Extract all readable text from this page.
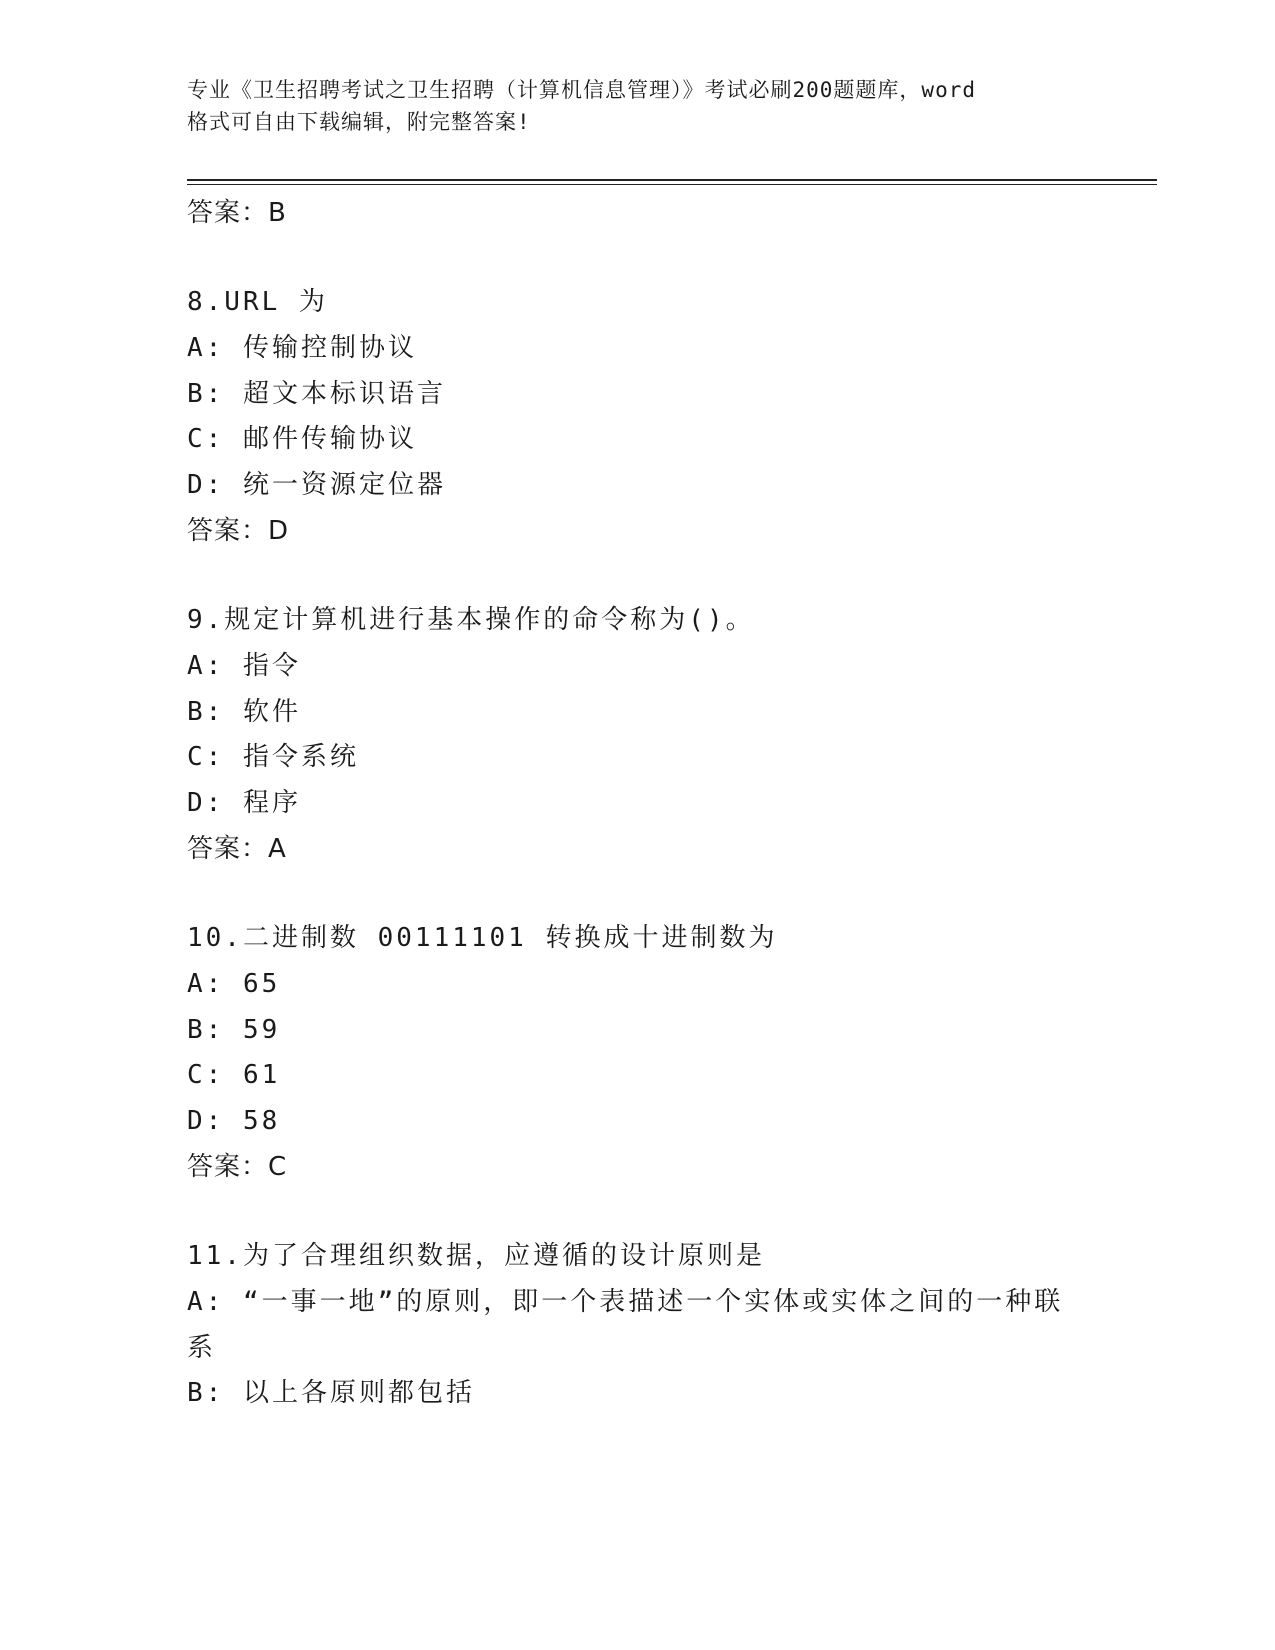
专业《卫生招聘考试之卫生招聘（计算机信息管理）》考试必刷200题题库，word
格式可自由下载编辑，附完整答案!
答案：B
8.URL 为
A: 传输控制协议
B: 超文本标识语言
C: 邮件传输协议
D: 统一资源定位器
答案：D
9.规定计算机进行基本操作的命令称为()。
A: 指令
B: 软件
C: 指令系统
D: 程序
答案：A
10.二进制数 00111101 转换成十进制数为
A: 65
B: 59
C: 61
D: 58
答案：C
11.为了合理组织数据，应遵循的设计原则是
A: “一事一地”的原则，即一个表描述一个实体或实体之间的一种联系
B: 以上各原则都包括
